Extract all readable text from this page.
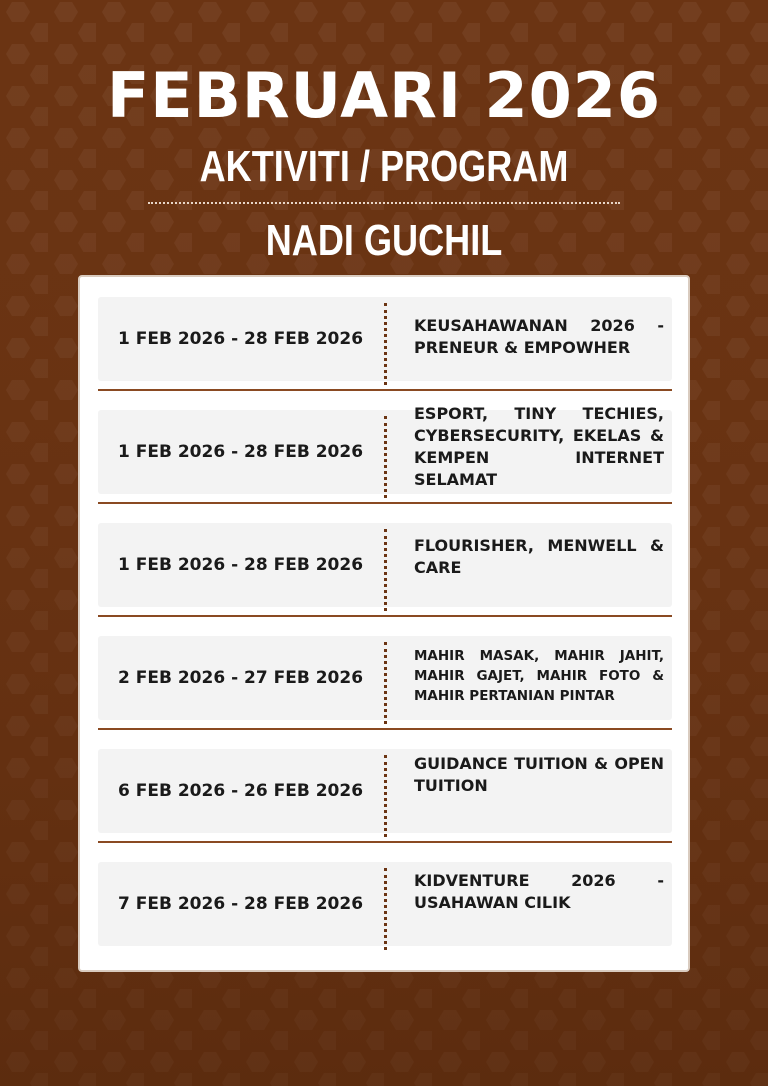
FEBRUARI 2026
AKTIVITI / PROGRAM
NADI GUCHIL
1 FEB 2026 - 28 FEB 2026
KEUSAHAWANAN 2026 -PRENEUR & EMPOWHER
1 FEB 2026 - 28 FEB 2026
ESPORT, TINY TECHIES, CYBERSECURITY, EKELAS & KEMPEN INTERNET SELAMAT
1 FEB 2026 - 28 FEB 2026
FLOURISHER, MENWELL & CARE
2 FEB 2026 - 27 FEB 2026
MAHIR MASAK, MAHIR JAHIT, MAHIR GAJET, MAHIR FOTO & MAHIR PERTANIAN PINTAR
6 FEB 2026 - 26 FEB 2026
GUIDANCE TUITION & OPEN TUITION
7 FEB 2026 - 28 FEB 2026
KIDVENTURE 2026 - USAHAWAN CILIK
